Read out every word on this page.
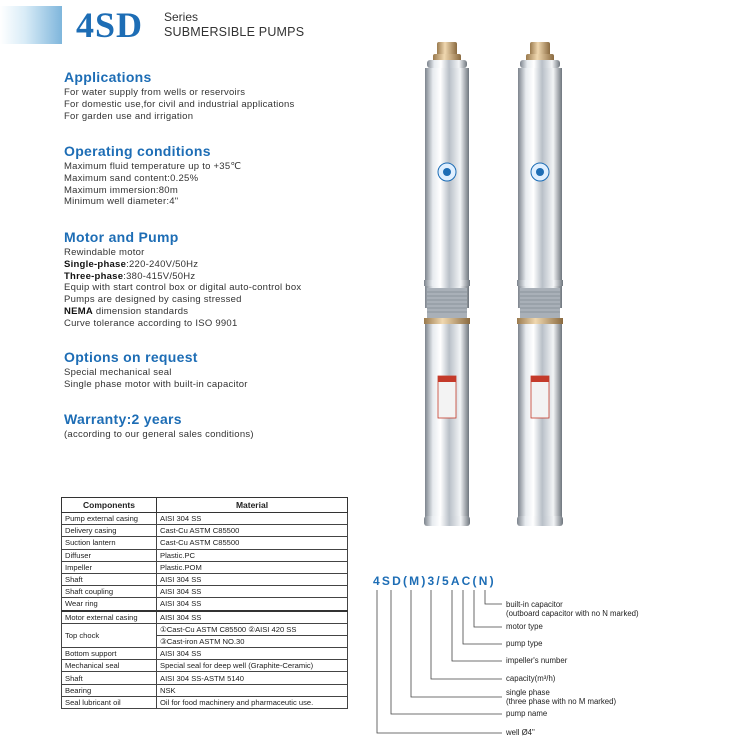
4SD Series
SUBMERSIBLE PUMPS
Applications
For water supply from wells or reservoirs
For domestic use,for civil and industrial applications
For garden use and irrigation
Operating conditions
Maximum fluid temperature up to +35℃
Maximum sand content:0.25%
Maximum immersion:80m
Minimum well diameter:4"
Motor and Pump
Rewindable motor
Single-phase:220-240V/50Hz
Three-phase:380-415V/50Hz
Equip with start control box or digital auto-control box
Pumps are designed by casing stressed
NEMA dimension standards
Curve tolerance according to ISO 9901
Options on request
Special mechanical seal
Single phase motor with built-in capacitor
Warranty:2 years
(according to our general sales conditions)
Components	Material
Pump external casing	AISI 304 SS
Delivery casing	Cast-Cu ASTM C85500
Suction lantern	Cast-Cu ASTM C85500
Diffuser	Plastic.PC
Impeller	Plastic.POM
Shaft	AISI 304 SS
Shaft coupling	AISI 304 SS
Wear ring	AISI 304 SS
Motor external casing	AISI 304 SS
Top chock	①Cast-Cu ASTM C85500 ②AISI 420 SS
	③Cast-iron ASTM NO.30
Bottom support	AISI 304 SS
Mechanical seal	Special seal for deep well (Graphite-Ceramic)
Shaft	AISI 304 SS-ASTM 5140
Bearing	NSK
Seal lubricant oil	Oil for food machinery and pharmaceutic use.
4SD(M)3/5AC(N)
built-in capacitor
(outboard capacitor with no N marked)
motor type
pump type
impeller's number
capacity(m³/h)
single phase
(three phase with no M marked)
pump name
well Ø4"
